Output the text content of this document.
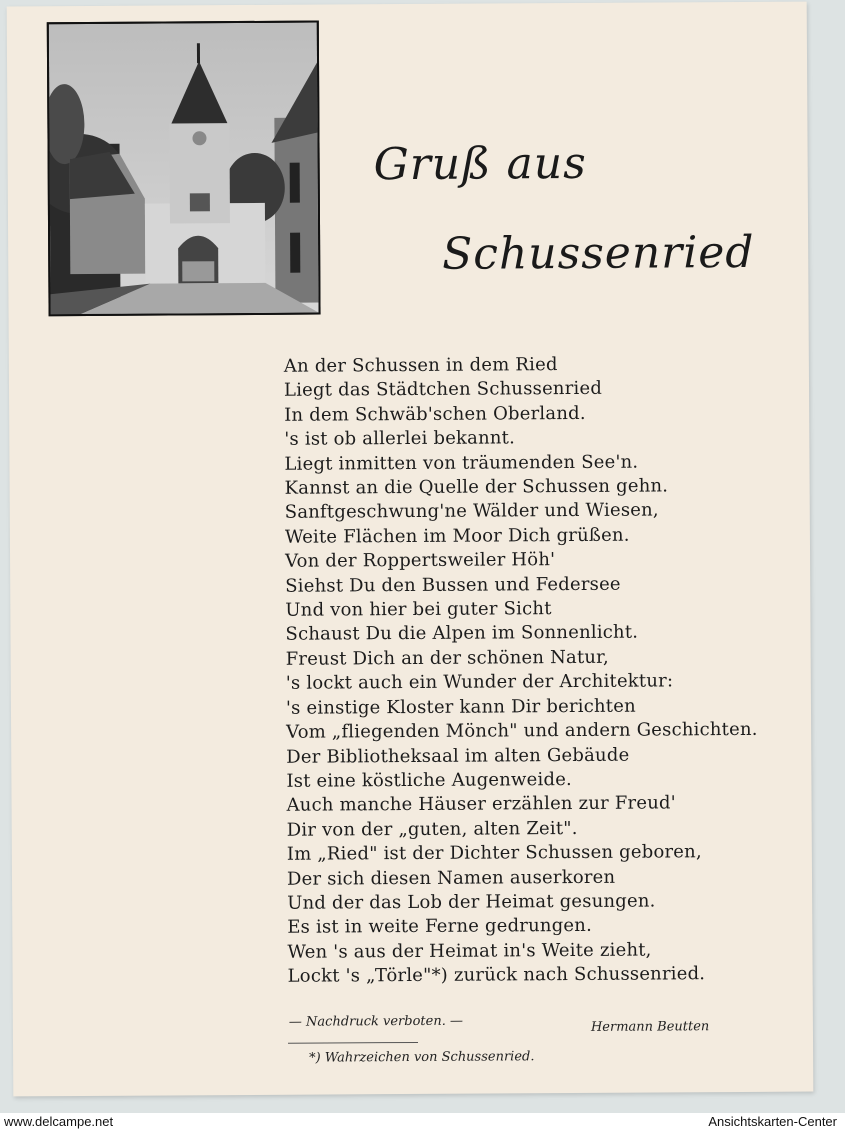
Gruß aus
Schussenried
An der Schussen in dem Ried
Liegt das Städtchen Schussenried
In dem Schwäb'schen Oberland.
's ist ob allerlei bekannt.
Liegt inmitten von träumenden See'n.
Kannst an die Quelle der Schussen gehn.
Sanftgeschwung'ne Wälder und Wiesen,
Weite Flächen im Moor Dich grüßen.
Von der Roppertsweiler Höh'
Siehst Du den Bussen und Federsee
Und von hier bei guter Sicht
Schaust Du die Alpen im Sonnenlicht.
Freust Dich an der schönen Natur,
's lockt auch ein Wunder der Architektur:
's einstige Kloster kann Dir berichten
Vom „fliegenden Mönch" und andern Geschichten.
Der Bibliotheksaal im alten Gebäude
Ist eine köstliche Augenweide.
Auch manche Häuser erzählen zur Freud'
Dir von der „guten, alten Zeit".
Im „Ried" ist der Dichter Schussen geboren,
Der sich diesen Namen auserkoren
Und der das Lob der Heimat gesungen.
Es ist in weite Ferne gedrungen.
Wen 's aus der Heimat in's Weite zieht,
Lockt 's „Törle"*) zurück nach Schussenried.
— Nachdruck verboten. —	Hermann Beutten
*) Wahrzeichen von Schussenried.
www.delcampe.net	Ansichtskarten-Center
